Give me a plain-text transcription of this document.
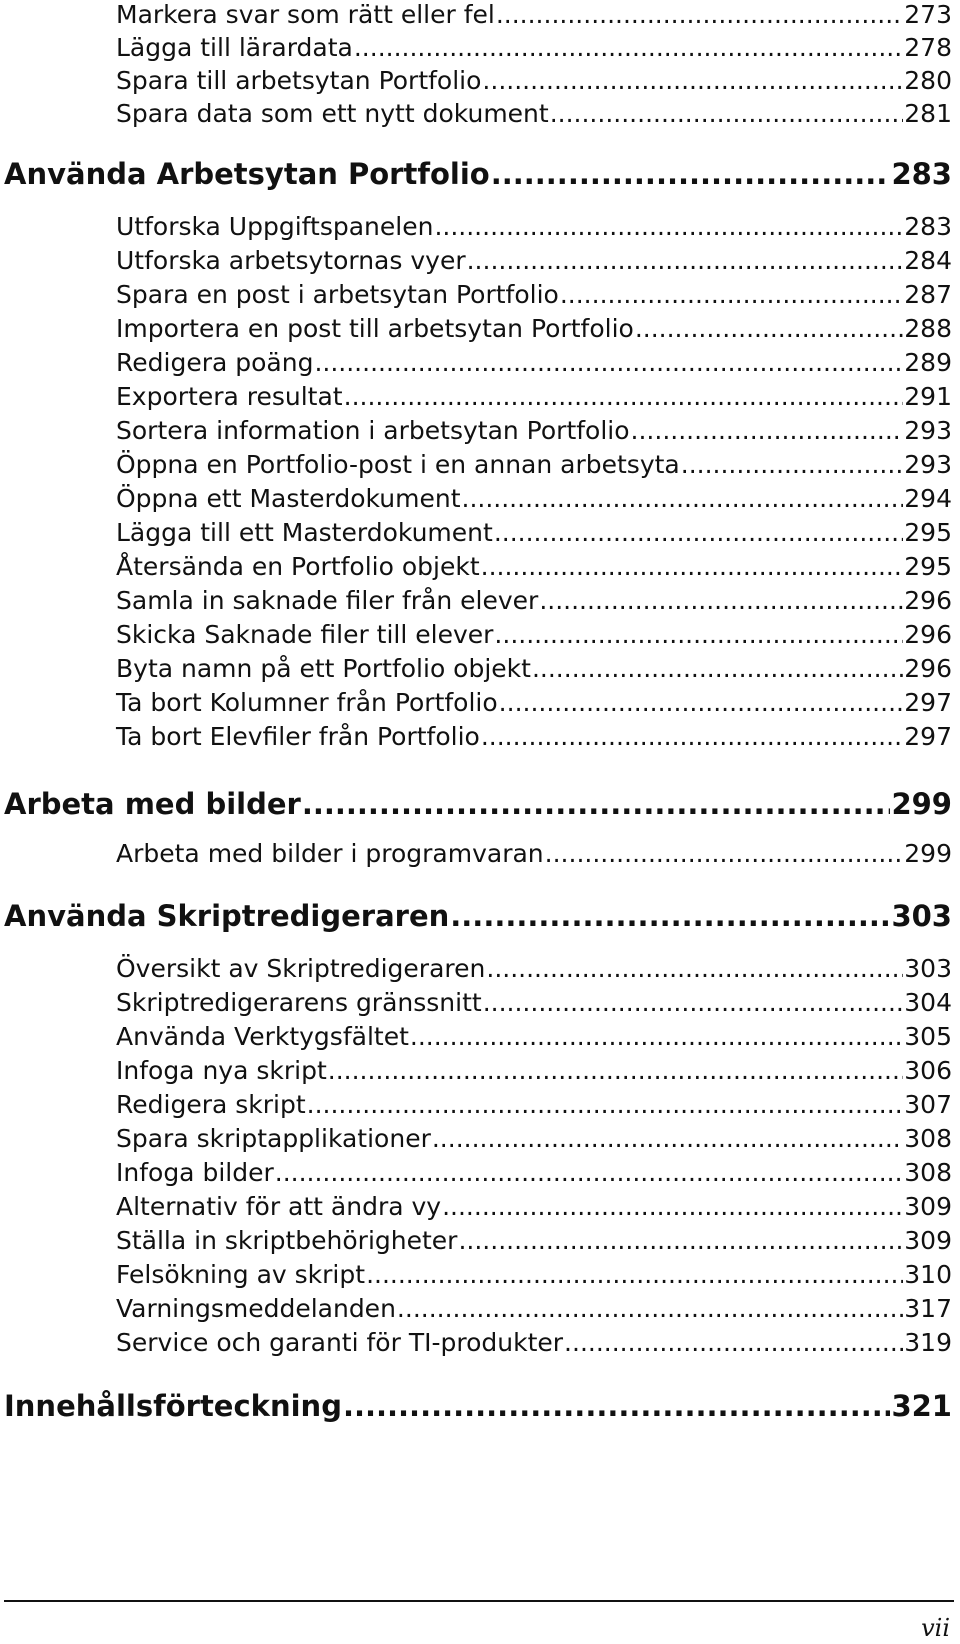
Markera svar som rätt eller fel .....	273
Lägga till lärardata .....	278
Spara till arbetsytan Portfolio .....	280
Spara data som ett nytt dokument .....	281
Använda Arbetsytan Portfolio .....	283
Utforska Uppgiftspanelen .....	283
Utforska arbetsytornas vyer .....	284
Spara en post i arbetsytan Portfolio .....	287
Importera en post till arbetsytan Portfolio .....	288
Redigera poäng .....	289
Exportera resultat .....	291
Sortera information i arbetsytan Portfolio .....	293
Öppna en Portfolio-post i en annan arbetsyta .....	293
Öppna ett Masterdokument .....	294
Lägga till ett Masterdokument .....	295
Återsända en Portfolio objekt .....	295
Samla in saknade filer från elever .....	296
Skicka Saknade filer till elever .....	296
Byta namn på ett Portfolio objekt .....	296
Ta bort Kolumner från Portfolio .....	297
Ta bort Elevfiler från Portfolio .....	297
Arbeta med bilder .....	299
Arbeta med bilder i programvaran .....	299
Använda Skriptredigeraren .....	303
Översikt av Skriptredigeraren .....	303
Skriptredigerarens gränssnitt .....	304
Använda Verktygsfältet .....	305
Infoga nya skript .....	306
Redigera skript .....	307
Spara skriptapplikationer .....	308
Infoga bilder .....	308
Alternativ för att ändra vy .....	309
Ställa in skriptbehörigheter .....	309
Felsökning av skript .....	310
Varningsmeddelanden .....	317
Service och garanti för TI-produkter .....	319
Innehållsförteckning .....	321
vii
